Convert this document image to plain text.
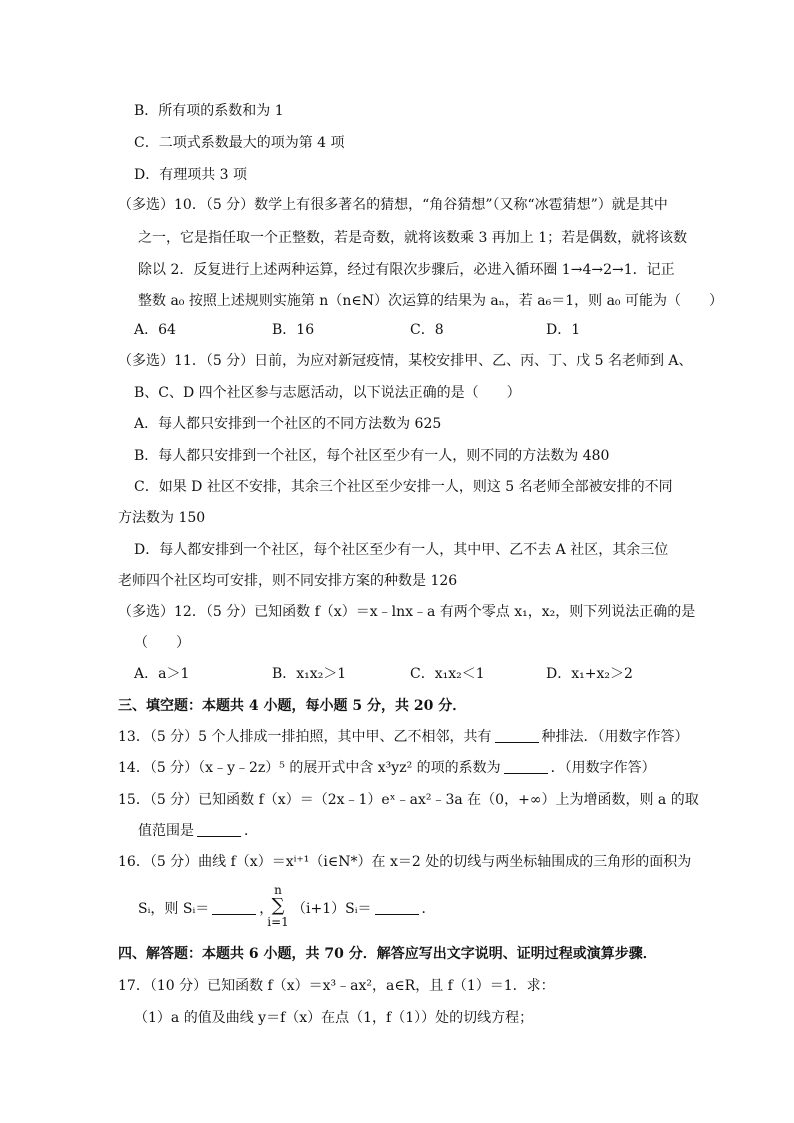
B．所有项的系数和为 1
C．二项式系数最大的项为第 4 项
D．有理项共 3 项
（多选）10．（5 分）数学上有很多著名的猜想，“角谷猜想”（又称“冰雹猜想”）就是其中
之一，它是指任取一个正整数，若是奇数，就将该数乘 3 再加上 1；若是偶数，就将该数
除以 2．反复进行上述两种运算，经过有限次步骤后，必进入循环圈 1→4→2→1．记正
整数 a₀ 按照上述规则实施第 n（n∈N）次运算的结果为 aₙ，若 a₆＝1，则 a₀ 可能为（　　）
A．64	B．16	C．8	D．1
（多选）11．（5 分）日前，为应对新冠疫情，某校安排甲、乙、丙、丁、戊 5 名老师到 A、
B、C、D 四个社区参与志愿活动，以下说法正确的是（　　）
A．每人都只安排到一个社区的不同方法数为 625
B．每人都只安排到一个社区，每个社区至少有一人，则不同的方法数为 480
C．如果 D 社区不安排，其余三个社区至少安排一人，则这 5 名老师全部被安排的不同
方法数为 150
D．每人都安排到一个社区，每个社区至少有一人，其中甲、乙不去 A 社区，其余三位
老师四个社区均可安排，则不同安排方案的种数是 126
（多选）12．（5 分）已知函数 f（x）＝x﹣lnx﹣a 有两个零点 x₁，x₂，则下列说法正确的是
（　　）
A．a＞1	B．x₁x₂＞1	C．x₁x₂＜1	D．x₁+x₂＞2
三、填空题：本题共 4 小题，每小题 5 分，共 20 分．
13．（5 分）5 个人排成一排拍照，其中甲、乙不相邻，共有	种排法．（用数字作答）
14．（5 分）（x﹣y﹣2z）⁵ 的展开式中含 x³yz² 的项的系数为	．（用数字作答）
15．（5 分）已知函数 f（x）＝（2x﹣1）eˣ﹣ax²﹣3a 在（0，+∞）上为增函数，则 a 的取
值范围是	．
16．（5 分）曲线 f（x）＝xⁱ⁺¹（i∈N*）在 x＝2 处的切线与两坐标轴围成的三角形的面积为
Sᵢ，则 Sᵢ＝	，
n
∑
i=1
（i+1）Sᵢ＝	．
四、解答题：本题共 6 小题，共 70 分．解答应写出文字说明、证明过程或演算步骤．
17．（10 分）已知函数 f（x）＝x³﹣ax²，a∈R，且 f（1）＝1．求：
（1）a 的值及曲线 y＝f（x）在点（1，f（1））处的切线方程；
